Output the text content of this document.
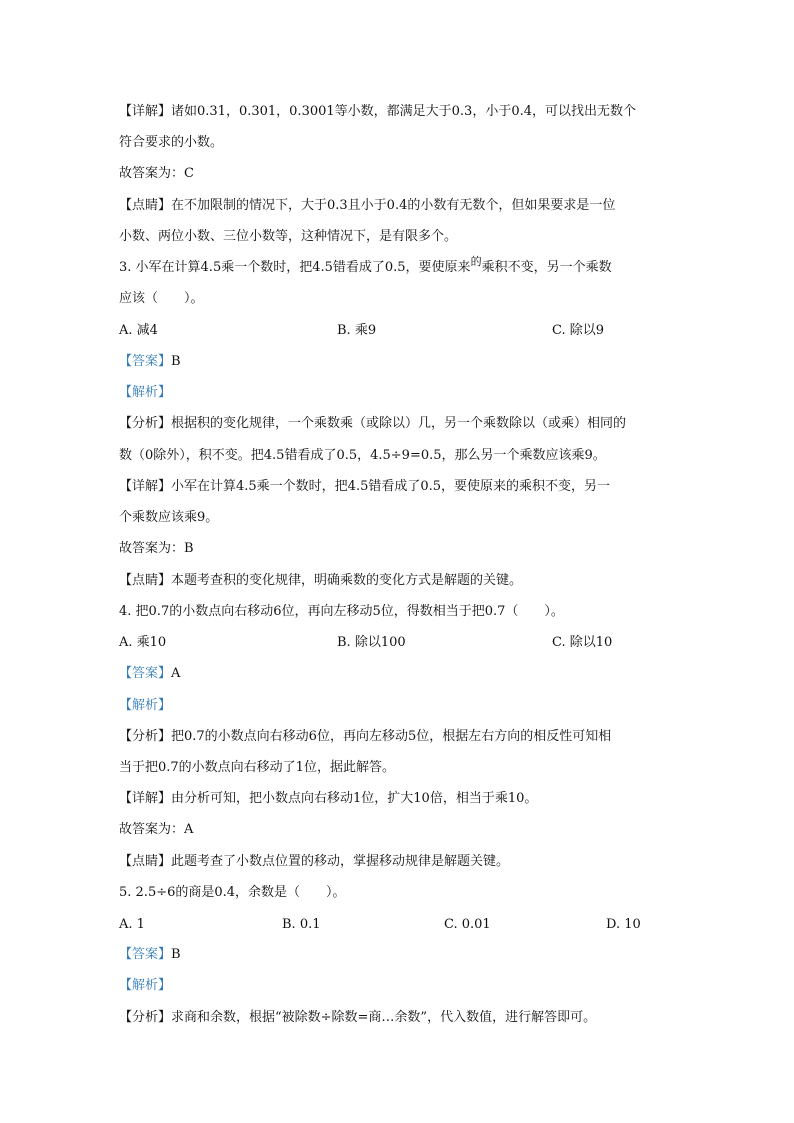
【详解】诸如0.31，0.301，0.3001等小数，都满足大于0.3，小于0.4，可以找出无数个
符合要求的小数。
故答案为：C
【点睛】在不加限制的情况下，大于0.3且小于0.4的小数有无数个，但如果要求是一位
小数、两位小数、三位小数等，这种情况下，是有限多个。
3. 小军在计算4.5乘一个数时，把4.5错看成了0.5，要使原来$^的$乘积不变，另一个乘数
应该（　　）。
A. 减4	B. 乘9	C. 除以9
【答案】B
【解析】
【分析】根据积的变化规律，一个乘数乘（或除以）几，另一个乘数除以（或乘）相同的
数（0除外），积不变。把4.5错看成了0.5，4.5÷9=0.5，那么另一个乘数应该乘9。
【详解】小军在计算4.5乘一个数时，把4.5错看成了0.5，要使原来的乘积不变，另一
个乘数应该乘9。
故答案为：B
【点睛】本题考查积的变化规律，明确乘数的变化方式是解题的关键。
4. 把0.7的小数点向右移动6位，再向左移动5位，得数相当于把0.7（　　）。
A. 乘10	B. 除以100	C. 除以10
【答案】A
【解析】
【分析】把0.7的小数点向右移动6位，再向左移动5位，根据左右方向的相反性可知相
当于把0.7的小数点向右移动了1位，据此解答。
【详解】由分析可知，把小数点向右移动1位，扩大10倍，相当于乘10。
故答案为：A
【点睛】此题考查了小数点位置的移动，掌握移动规律是解题关键。
5. 2.5÷6的商是0.4，余数是（　　）。
A. 1	B. 0.1	C. 0.01	D. 10
【答案】B
【解析】
【分析】求商和余数，根据“被除数÷除数=商…余数”，代入数值，进行解答即可。
